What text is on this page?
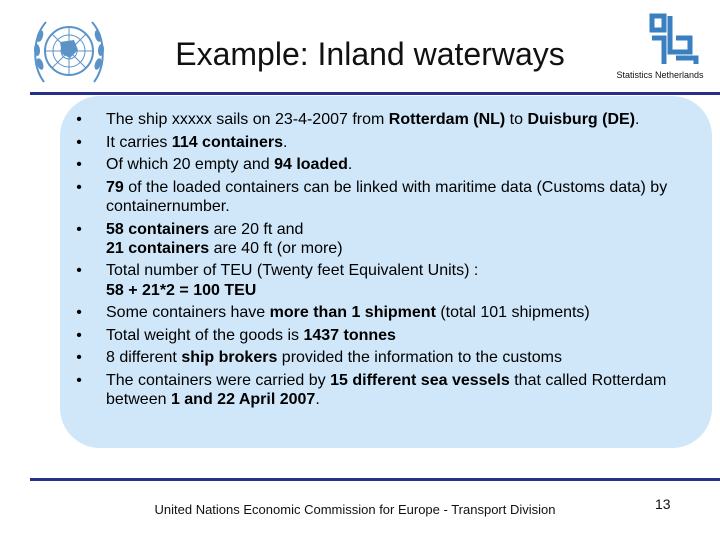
Example: Inland waterways
Statistics Netherlands
• The ship xxxxx sails on 23-4-2007 from Rotterdam (NL) to Duisburg (DE).
• It carries 114 containers.
• Of which 20 empty and 94 loaded.
• 79 of the loaded containers can be linked with maritime data (Customs data) by containernumber.
• 58 containers are 20 ft and
21 containers are 40 ft (or more)
• Total number of TEU (Twenty feet Equivalent Units) :
58 + 21*2 = 100 TEU
• Some containers have more than 1 shipment (total 101 shipments)
• Total weight of the goods is 1437 tonnes
• 8 different ship brokers provided the information to the customs
• The containers were carried by 15 different sea vessels that called Rotterdam between 1 and 22 April 2007.
United Nations Economic Commission for Europe - Transport Division	13
